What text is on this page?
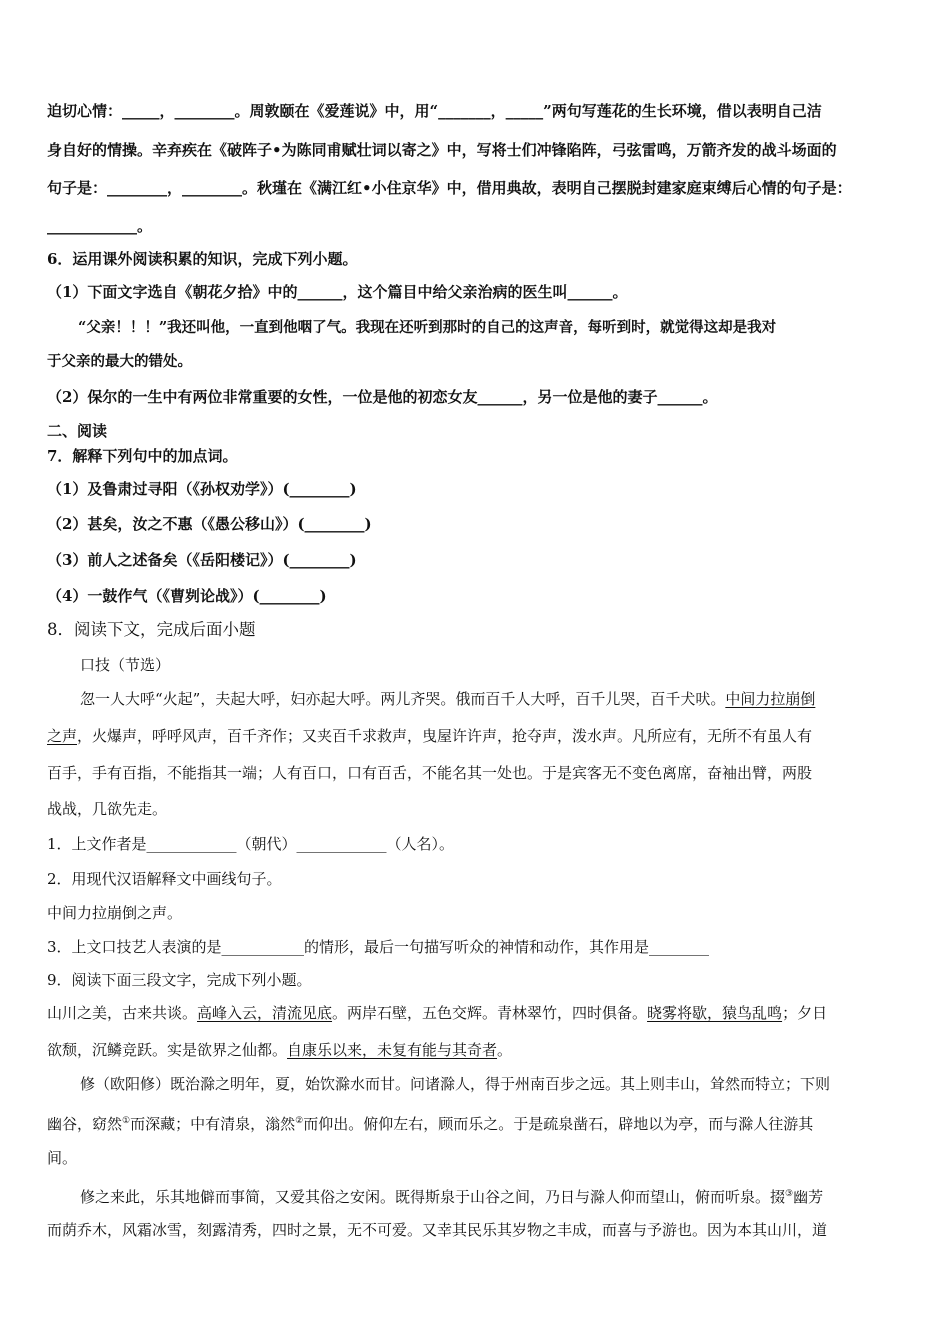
迫切心情：_____，________。周敦颐在《爱莲说》中，用“_______，_____”两句写莲花的生长环境，借以表明自己洁
身自好的情操。辛弃疾在《破阵子•为陈同甫赋壮词以寄之》中，写将士们冲锋陷阵，弓弦雷鸣，万箭齐发的战斗场面的
句子是：________，________。秋瑾在《满江红•小住京华》中，借用典故，表明自己摆脱封建家庭束缚后心情的句子是：
____________。
6．运用课外阅读积累的知识，完成下列小题。
（1）下面文字选自《朝花夕拾》中的______，这个篇目中给父亲治病的医生叫______。
“父亲！！！”我还叫他，一直到他咽了气。我现在还听到那时的自己的这声音，每听到时，就觉得这却是我对
于父亲的最大的错处。
（2）保尔的一生中有两位非常重要的女性，一位是他的初恋女友______，另一位是他的妻子______。
二、阅读
7．解释下列句中的加点词。
（1）及鲁肃过寻阳（《孙权劝学》）(________)
（2）甚矣，汝之不惠（《愚公移山》）(________)
（3）前人之述备矣（《岳阳楼记》）(________)
（4）一鼓作气（《曹刿论战》）(________)
8．阅读下文，完成后面小题
口技（节选）
忽一人大呼“火起”，夫起大呼，妇亦起大呼。两儿齐哭。俄而百千人大呼，百千儿哭，百千犬吠。中间力拉崩倒
之声，火爆声，呼呼风声，百千齐作；又夹百千求救声，曳屋许许声，抢夺声，泼水声。凡所应有，无所不有虽人有
百手，手有百指，不能指其一端；人有百口，口有百舌，不能名其一处也。于是宾客无不变色离席，奋袖出臂，两股
战战，几欲先走。
1．上文作者是____________（朝代）____________（人名）。
2．用现代汉语解释文中画线句子。
中间力拉崩倒之声。
3．上文口技艺人表演的是___________的情形，最后一句描写听众的神情和动作，其作用是________
9．阅读下面三段文字，完成下列小题。
山川之美，古来共谈。高峰入云，清流见底。两岸石壁，五色交辉。青林翠竹，四时俱备。晓雾将歇，猿鸟乱鸣；夕日
欲颓，沉鳞竞跃。实是欲界之仙都。自康乐以来，未复有能与其奇者。
修（欧阳修）既治滁之明年，夏，始饮滁水而甘。问诸滁人，得于州南百步之远。其上则丰山，耸然而特立；下则
幽谷，窈然①而深藏；中有清泉，滃然②而仰出。俯仰左右，顾而乐之。于是疏泉凿石，辟地以为亭，而与滁人往游其
间。
修之来此，乐其地僻而事简，又爱其俗之安闲。既得斯泉于山谷之间，乃日与滁人仰而望山，俯而听泉。掇③幽芳
而荫乔木，风霜冰雪，刻露清秀，四时之景，无不可爱。又幸其民乐其岁物之丰成，而喜与予游也。因为本其山川，道
